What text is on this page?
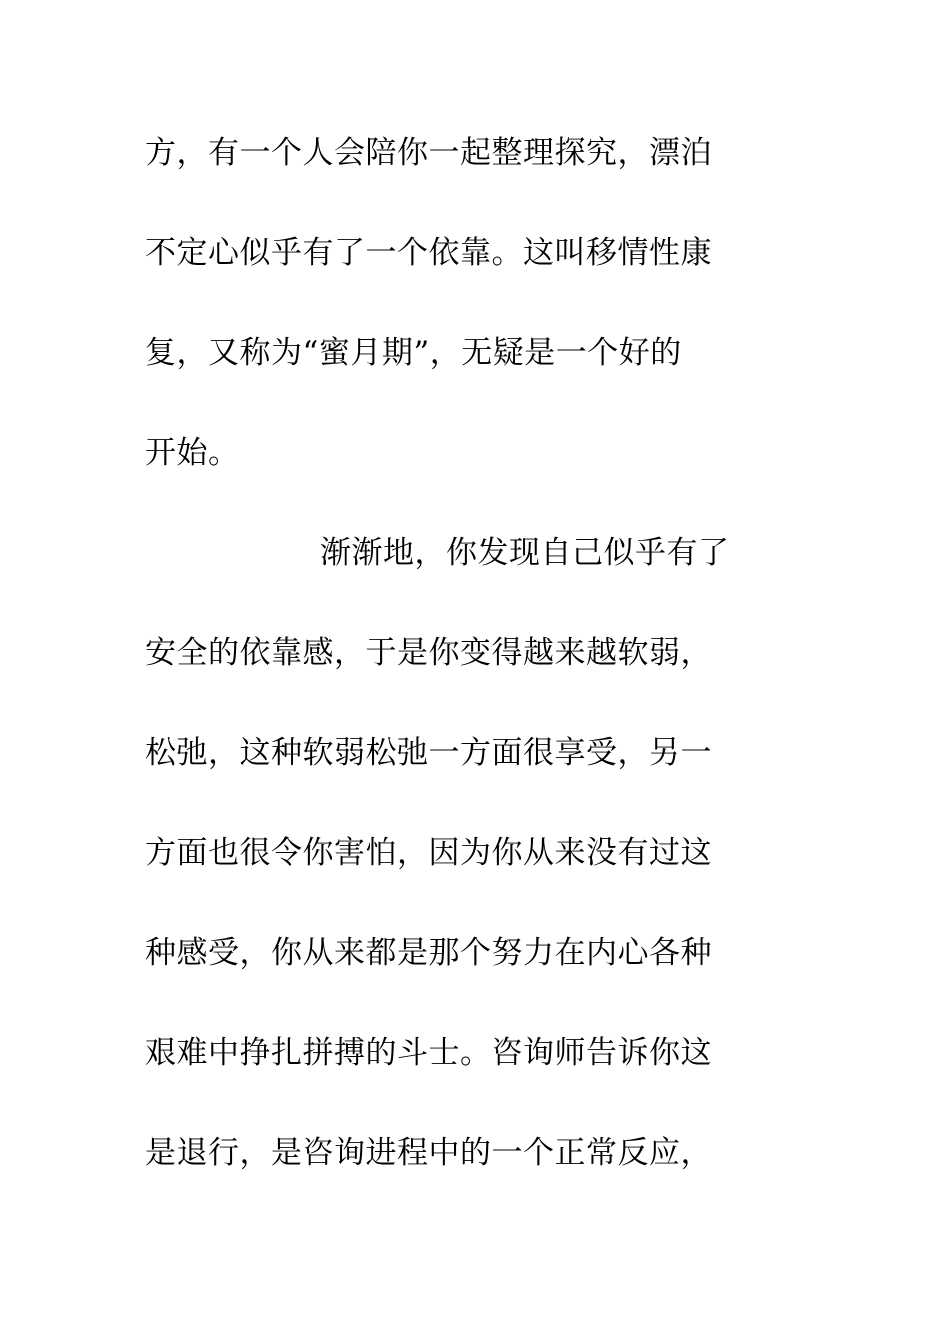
方，有一个人会陪你一起整理探究，漂泊
不定心似乎有了一个依靠。这叫移情性康
复，又称为“蜜月期”，无疑是一个好的
开始。
渐渐地，你发现自己似乎有了
安全的依靠感，于是你变得越来越软弱，
松弛，这种软弱松弛一方面很享受，另一
方面也很令你害怕，因为你从来没有过这
种感受，你从来都是那个努力在内心各种
艰难中挣扎拼搏的斗士。咨询师告诉你这
是退行，是咨询进程中的一个正常反应，
